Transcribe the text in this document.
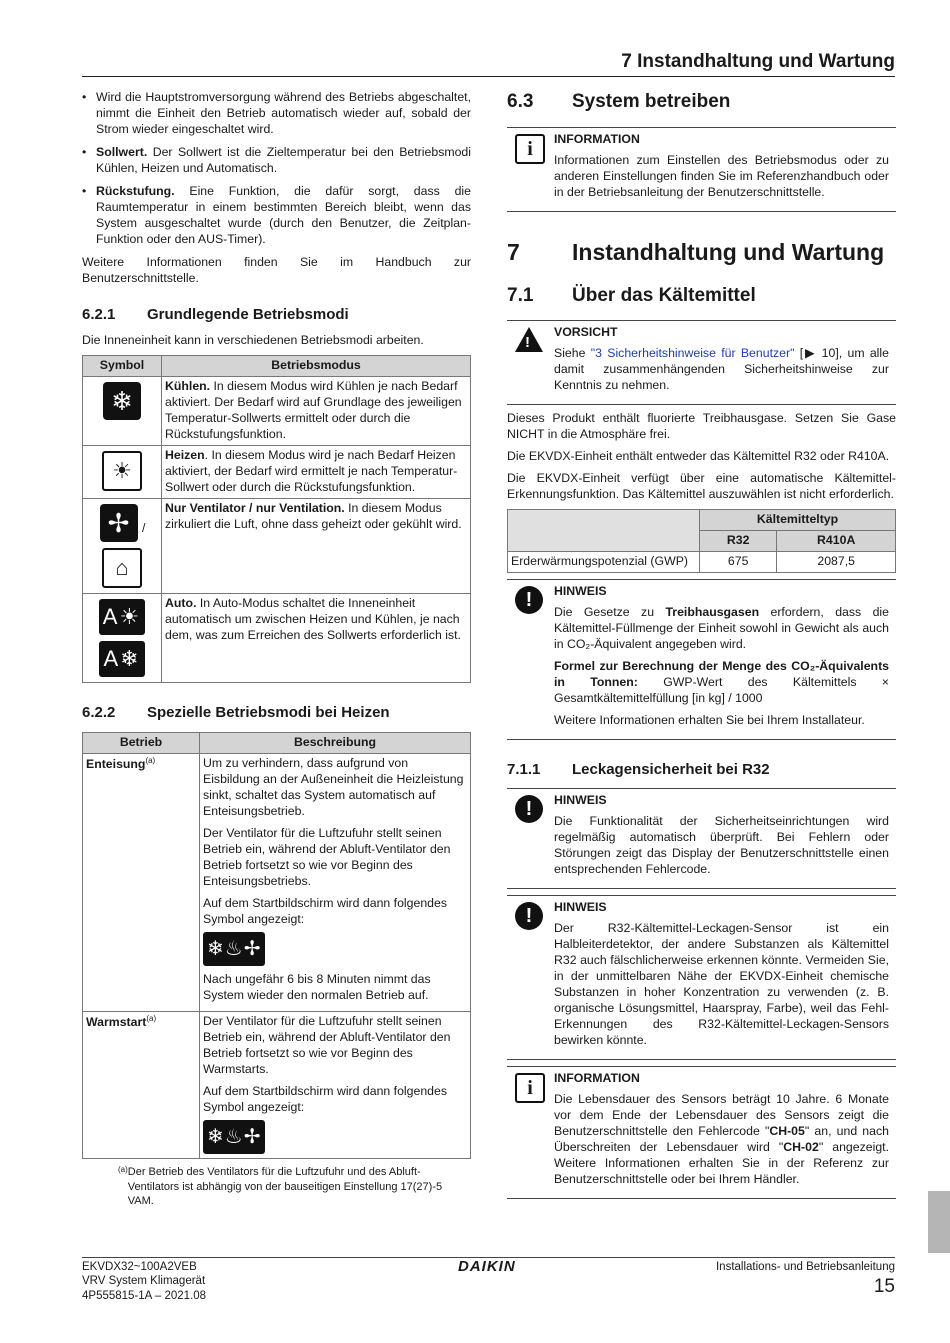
7 Instandhaltung und Wartung
• Wird die Hauptstromversorgung während des Betriebs abgeschaltet, nimmt die Einheit den Betrieb automatisch wieder auf, sobald der Strom wieder eingeschaltet wird.
• Sollwert. Der Sollwert ist die Zieltemperatur bei den Betriebsmodi Kühlen, Heizen und Automatisch.
• Rückstufung. Eine Funktion, die dafür sorgt, dass die Raumtemperatur in einem bestimmten Bereich bleibt, wenn das System ausgeschaltet wurde (durch den Benutzer, die Zeitplan-Funktion oder den AUS-Timer).

Weitere Informationen finden Sie im Handbuch zur Benutzerschnittstelle.

6.2.1	Grundlegende Betriebsmodi

Die Inneneinheit kann in verschiedenen Betriebsmodi arbeiten.

Symbol	Betriebsmodus
❄	Kühlen. In diesem Modus wird Kühlen je nach Bedarf aktiviert. Der Bedarf wird auf Grundlage des jeweiligen Temperatur-Sollwerts ermittelt oder durch die Rückstufungsfunktion.
☀	Heizen. In diesem Modus wird je nach Bedarf Heizen aktiviert, der Bedarf wird ermittelt je nach Temperatur-Sollwert oder durch die Rückstufungsfunktion.
✢ /
⌂	Nur Ventilator / nur Ventilation. In diesem Modus zirkuliert die Luft, ohne dass geheizt oder gekühlt wird.
A☀
A❄	Auto. In Auto-Modus schaltet die Inneneinheit automatisch um zwischen Heizen und Kühlen, je nach dem, was zum Erreichen des Sollwerts erforderlich ist.
6.2.2	Spezielle Betriebsmodi bei Heizen
Betrieb	Beschreibung
Enteisung$^{(a)}$	Um zu verhindern, dass aufgrund von Eisbildung an der Außeneinheit die Heizleistung sinkt, schaltet das System automatisch auf Enteisungsbetrieb.

Der Ventilator für die Luftzufuhr stellt seinen Betrieb ein, während der Abluft-Ventilator den Betrieb fortsetzt so wie vor Beginn des Enteisungsbetriebs.

Auf dem Startbildschirm wird dann folgendes Symbol angezeigt:

❄♨✢

Nach ungefähr 6 bis 8 Minuten nimmt das System wieder den normalen Betrieb auf.

Warmstart$^{(a)}$	Der Ventilator für die Luftzufuhr stellt seinen Betrieb ein, während der Abluft-Ventilator den Betrieb fortsetzt so wie vor Beginn des Warmstarts.

Auf dem Startbildschirm wird dann folgendes Symbol angezeigt:

❄♨✢
(a) Der Betrieb des Ventilators für die Luftzufuhr und des Abluft-Ventilators ist abhängig von der bauseitigen Einstellung 17(27)-5 VAM.
6.3	System betreiben
i	INFORMATION

Informationen zum Einstellen des Betriebsmodus oder zu anderen Einstellungen finden Sie im Referenzhandbuch oder in der Betriebsanleitung der Benutzerschnittstelle.

7	Instandhaltung und Wartung
7.1	Über das Kältemittel
!
VORSICHT

Siehe "3 Sicherheitshinweise für Benutzer" [▶ 10], um alle damit zusammenhängenden Sicherheitshinweise zur Kenntnis zu nehmen.

Dieses Produkt enthält fluorierte Treibhausgase. Setzen Sie Gase NICHT in die Atmosphäre frei.

Die EKVDX-Einheit enthält entweder das Kältemittel R32 oder R410A.

Die EKVDX-Einheit verfügt über eine automatische Kältemittel-Erkennungsfunktion. Das Kältemittel auszuwählen ist nicht erforderlich.

	Kältemitteltyp	
	R32	R410A
Erderwärmungspotenzial (GWP)	675	2087,5
!	HINWEIS

Die Gesetze zu Treibhausgasen erfordern, dass die Kältemittel-Füllmenge der Einheit sowohl in Gewicht als auch in CO₂-Äquivalent angegeben wird.

Formel zur Berechnung der Menge des CO₂-Äquivalents in Tonnen: GWP-Wert des Kältemittels × Gesamtkältemittelfüllung [in kg] / 1000

Weitere Informationen erhalten Sie bei Ihrem Installateur.

7.1.1	Leckagensicherheit bei R32
!	HINWEIS

Die Funktionalität der Sicherheitseinrichtungen wird regelmäßig automatisch überprüft. Bei Fehlern oder Störungen zeigt das Display der Benutzerschnittstelle einen entsprechenden Fehlercode.

!	HINWEIS

Der R32-Kältemittel-Leckagen-Sensor ist ein Halbleiterdetektor, der andere Substanzen als Kältemittel R32 auch fälschlicherweise erkennen könnte. Vermeiden Sie, in der unmittelbaren Nähe der EKVDX-Einheit chemische Substanzen in hoher Konzentration zu verwenden (z. B. organische Lösungsmittel, Haarspray, Farbe), weil das Fehl-Erkennungen des R32-Kältemittel-Leckagen-Sensors bewirken könnte.

i	INFORMATION

Die Lebensdauer des Sensors beträgt 10 Jahre. 6 Monate vor dem Ende der Lebensdauer des Sensors zeigt die Benutzerschnittstelle den Fehlercode "CH-05" an, und nach Überschreiten der Lebensdauer wird "CH-02" angezeigt. Weitere Informationen erhalten Sie in der Referenz zur Benutzerschnittstelle oder bei Ihrem Händler.

EKVDX32~100A2VEB
VRV System Klimagerät
4P555815-1A – 2021.08
DAIKIN	Installations- und Betriebsanleitung
15
